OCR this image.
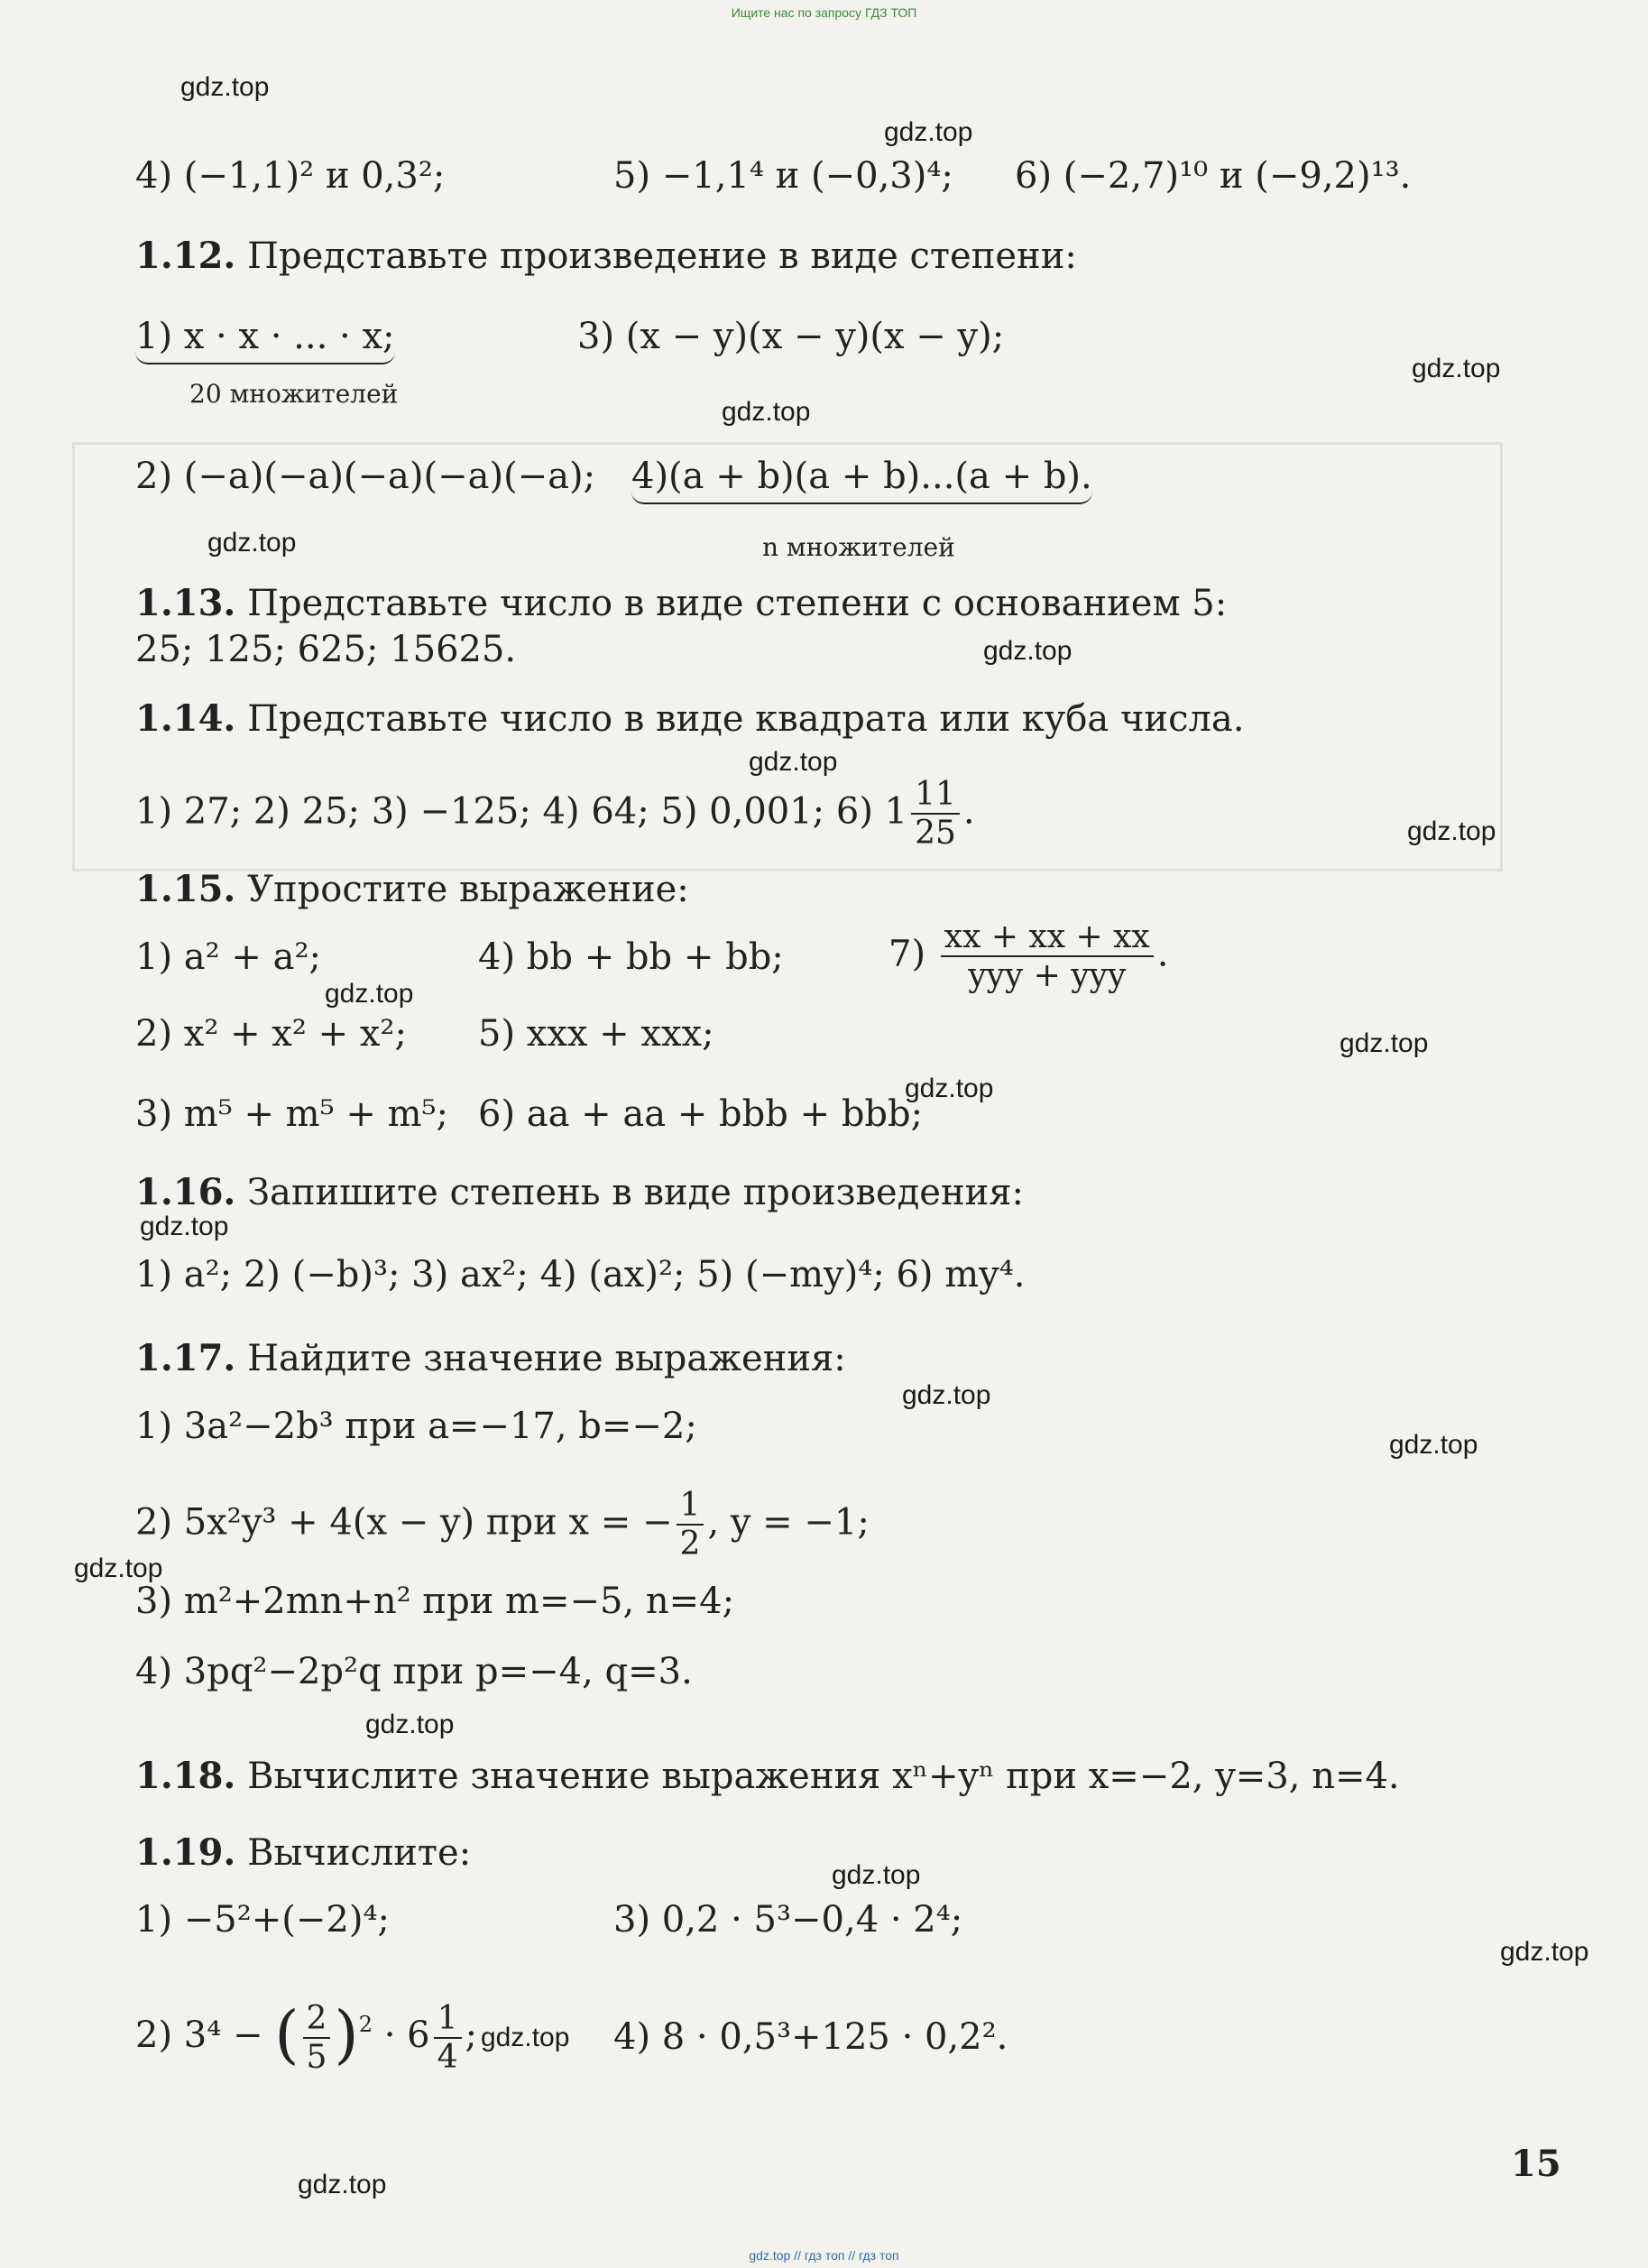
Ищите нас по запросу ГДЗ ТОП
gdz.top // гдз топ // гдз топ
gdz.top
gdz.top
gdz.top
gdz.top
gdz.top
gdz.top
gdz.top
gdz.top
gdz.top
gdz.top
gdz.top
gdz.top
gdz.top
gdz.top
gdz.top
gdz.top
gdz.top
gdz.top
gdz.top
gdz.top
4) (−1,1)² и 0,3²;	5) −1,1⁴ и (−0,3)⁴; 6) (−2,7)¹⁰ и (−9,2)¹³.
1.12. Представьте произведение в виде степени:
1) x · x · ... · x;
20 множителей
3) (x − y)(x − y)(x − y);
2) (−a)(−a)(−a)(−a)(−a); 4)(a + b)(a + b)...(a + b).
n множителей
1.13. Представьте число в виде степени с основанием 5:
25; 125; 625; 15625.
1.14. Представьте число в виде квадрата или куба числа.
1) 27; 2) 25; 3) −125; 4) 64; 5) 0,001; 6) $1 \frac{11}{25}$ .
1.15. Упростите выражение:
1) a² + a²;	4) bb + bb + bb;	$7) \frac{xx + xx + xx}{\text{yyy + yyy}}$ .
2) x² + x² + x²; 5) xxx + xxx;
3) m⁵ + m⁵ + m⁵; 6) aa + aa + bbb + bbb;
1.16. Запишите степень в виде произведения:
1) a²; 2) (−b)³; 3) ax²; 4) (ax)²; 5) (−my)⁴; 6) my⁴.
1.17. Найдите значение выражения:
1) 3a²−2b³ при a=−17, b=−2;
2) 5x²y³ + 4(x − y) при x = − $\frac{1}{2}$ , y = −1;
3) m²+2mn+n² при m=−5, n=4;
4) 3pq²−2p²q при p=−4, q=3.
1.18. Вычислите значение выражения xⁿ+yⁿ при x=−2, y=3, n=4.
1.19. Вычислите:
1) −5²+(−2)⁴;	3) 0,2 · 5³−0,4 · 2⁴;
2) 3⁴ − ( $\frac{2}{5} )^2 \cdot 6 \frac{1}{4}$ ;	4) 8 · 0,5³+125 · 0,2².
15
